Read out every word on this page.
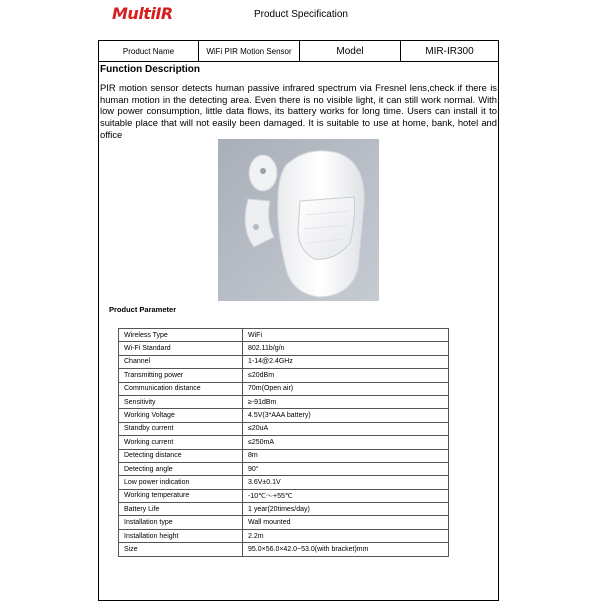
MultiIR	Product Specification
Product Name	WiFi PIR Motion Sensor	Model	MIR-IR300
Function Description
PIR motion sensor detects human passive infrared spectrum via Fresnel lens,check if there is human motion in the detecting area. Even there is no visible light, it can still work normal. With low power consumption, little data flows, its battery works for long time. Users can install it to suitable place that will not easily been damaged. It is suitable to use at home, bank, hotel and office
Product Parameter
Wireless Type	WiFi
Wi-Fi Standard	802.11b/g/n
Channel	1-14@2.4GHz
Transmitting power	≤20dBm
Communication distance	70m(Open air)
Sensitivity	≥-91dBm
Working Voltage	4.5V(3*AAA battery)
Standby current	≤20uA
Working current	≤250mA
Detecting distance	8m
Detecting angle	90°
Low power indication	3.6V±0.1V
Working temperature	-10℃～+55℃
Battery Life	1 year(20times/day)
Installation type	Wall mounted
Installation height	2.2m
Size	95.0×56.0×42.0~53.0(with bracket)mm
